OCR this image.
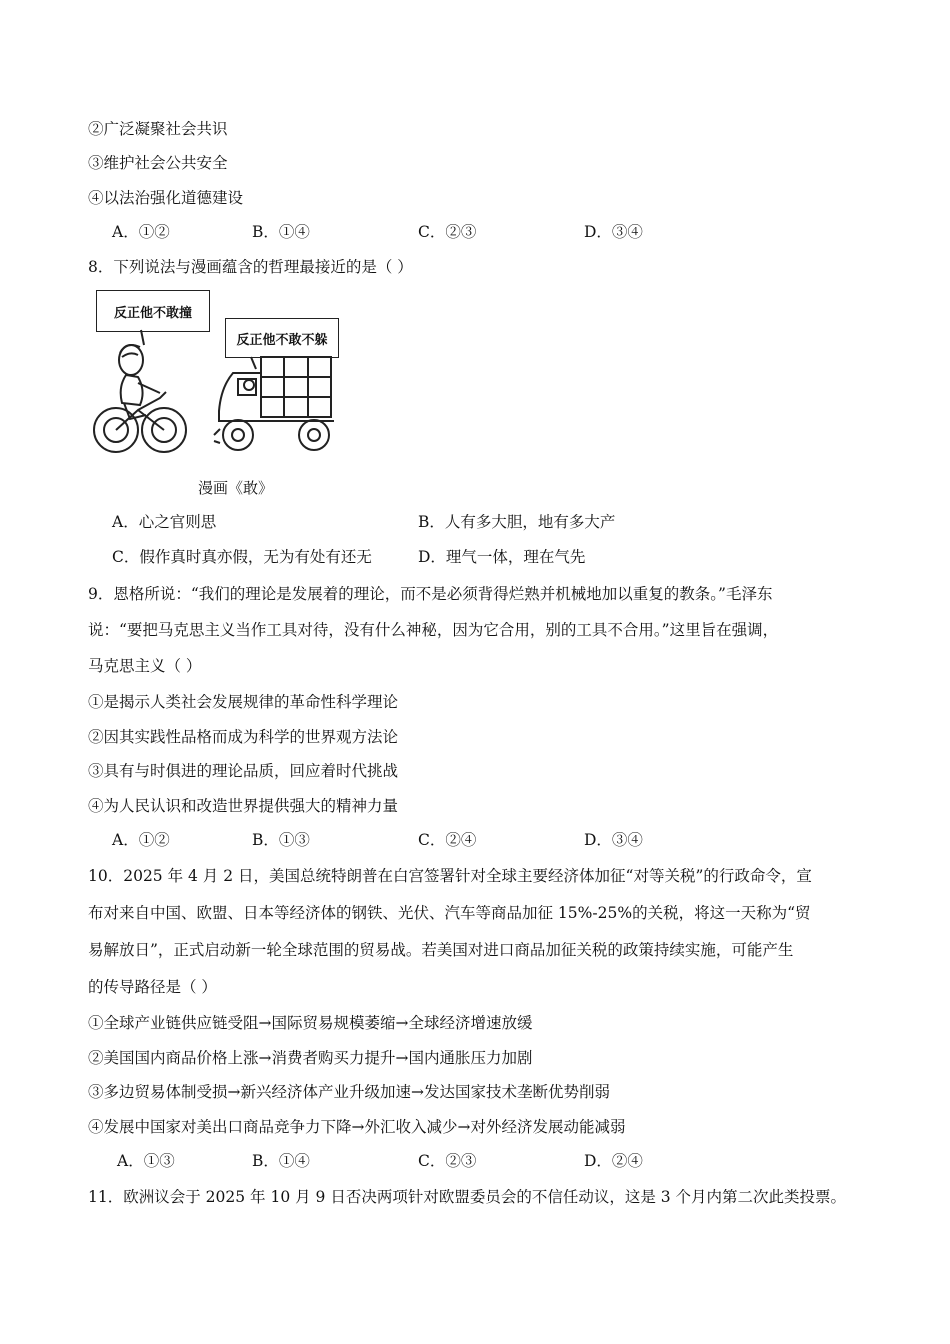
②广泛凝聚社会共识
③维护社会公共安全
④以法治强化道德建设
A．①②	B．①④	C．②③	D．③④
8．下列说法与漫画蕴含的哲理最接近的是（ ）
反正他不敢撞
反正他不敢不躲
漫画《敢》
A．心之官则思	B．人有多大胆，地有多大产
C．假作真时真亦假，无为有处有还无	D．理气一体，理在气先
9．恩格所说：“我们的理论是发展着的理论，而不是必须背得烂熟并机械地加以重复的教条。”毛泽东
说：“要把马克思主义当作工具对待，没有什么神秘，因为它合用，别的工具不合用。”这里旨在强调，
马克思主义（ ）
①是揭示人类社会发展规律的革命性科学理论
②因其实践性品格而成为科学的世界观方法论
③具有与时俱进的理论品质，回应着时代挑战
④为人民认识和改造世界提供强大的精神力量
A．①②	B．①③	C．②④	D．③④
10．2025 年 4 月 2 日，美国总统特朗普在白宫签署针对全球主要经济体加征“对等关税”的行政命令，宣
布对来自中国、欧盟、日本等经济体的钢铁、光伏、汽车等商品加征 15%-25%的关税，将这一天称为“贸
易解放日”，正式启动新一轮全球范围的贸易战。若美国对进口商品加征关税的政策持续实施，可能产生
的传导路径是（ ）
①全球产业链供应链受阻→国际贸易规模萎缩→全球经济增速放缓
②美国国内商品价格上涨→消费者购买力提升→国内通胀压力加剧
③多边贸易体制受损→新兴经济体产业升级加速→发达国家技术垄断优势削弱
④发展中国家对美出口商品竞争力下降→外汇收入减少→对外经济发展动能减弱
A．①③	B．①④	C．②③	D．②④
11．欧洲议会于 2025 年 10 月 9 日否决两项针对欧盟委员会的不信任动议，这是 3 个月内第二次此类投票。
